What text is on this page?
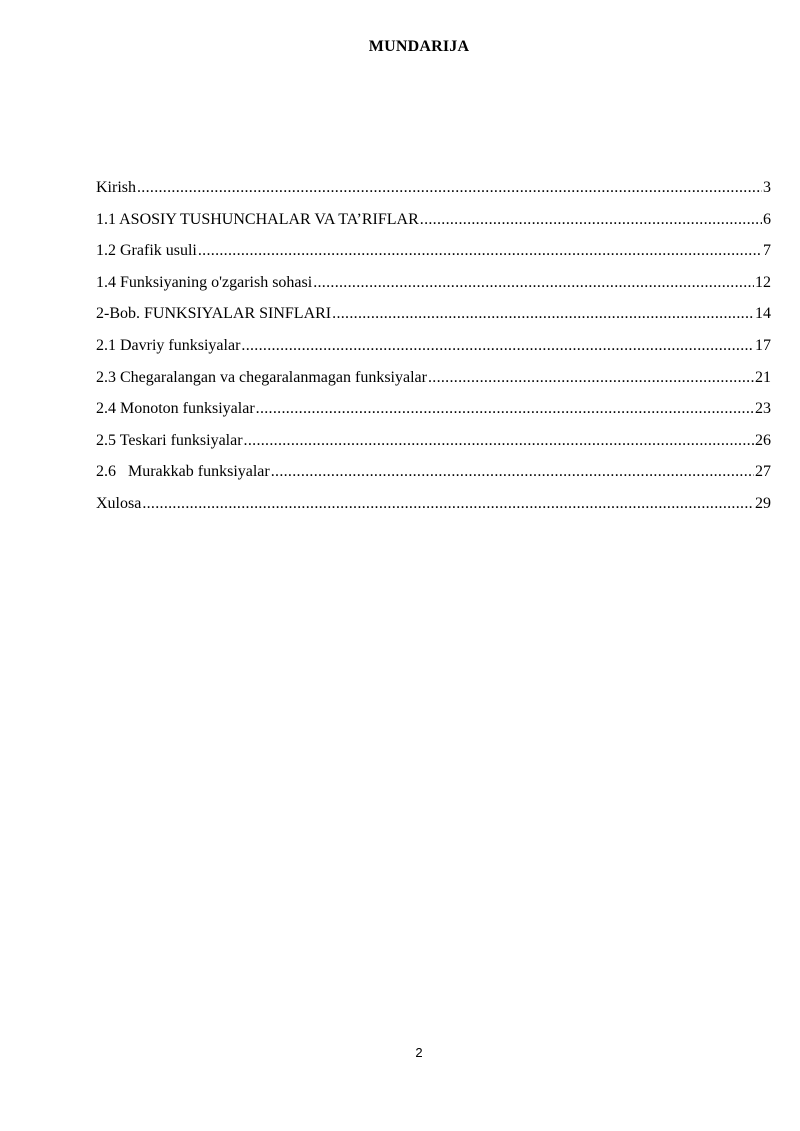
MUNDARIJA
Kirish .....	3
1.1 ASOSIY TUSHUNCHALAR VA TA’RIFLAR .....	6
1.2 Grafik usuli .....	7
1.4 Funksiyaning o'zgarish sohasi .....	12
2-Bob. FUNKSIYALAR SINFLARI .....	14
2.1 Davriy funksiyalar .....	17
2.3 Chegaralangan va chegaralanmagan funksiyalar .....	21
2.4 Monoton funksiyalar .....	23
2.5 Teskari funksiyalar .....	26
2.6   Murakkab funksiyalar .....	27
Xulosa .....	29
2
